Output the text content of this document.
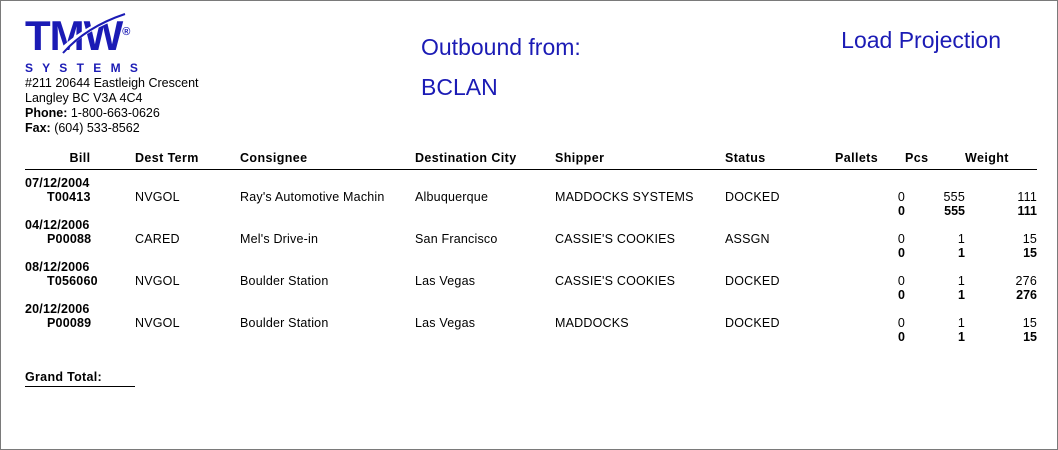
TMW®
S Y S T E M S
#211 20644 Eastleigh Crescent
Langley BC V3A 4C4
Phone: 1-800-663-0626
Fax: (604) 533-8562
Outbound from:
BCLAN
Load Projection
Bill	Dest Term	Consignee	Destination City	Shipper	Status	Pallets	Pcs	Weight

07/12/2004								
T00413	NVGOL	Ray's Automotive Machin	Albuquerque	MADDOCKS SYSTEMS	DOCKED	0	555	111
						0	555	111
04/12/2006								
P00088	CARED	Mel's Drive-in	San Francisco	CASSIE'S COOKIES	ASSGN	0	1	15
						0	1	15
08/12/2006								
T056060	NVGOL	Boulder Station	Las Vegas	CASSIE'S COOKIES	DOCKED	0	1	276
						0	1	276
20/12/2006								
P00089	NVGOL	Boulder Station	Las Vegas	MADDOCKS	DOCKED	0	1	15
						0	1	15
Grand Total:
